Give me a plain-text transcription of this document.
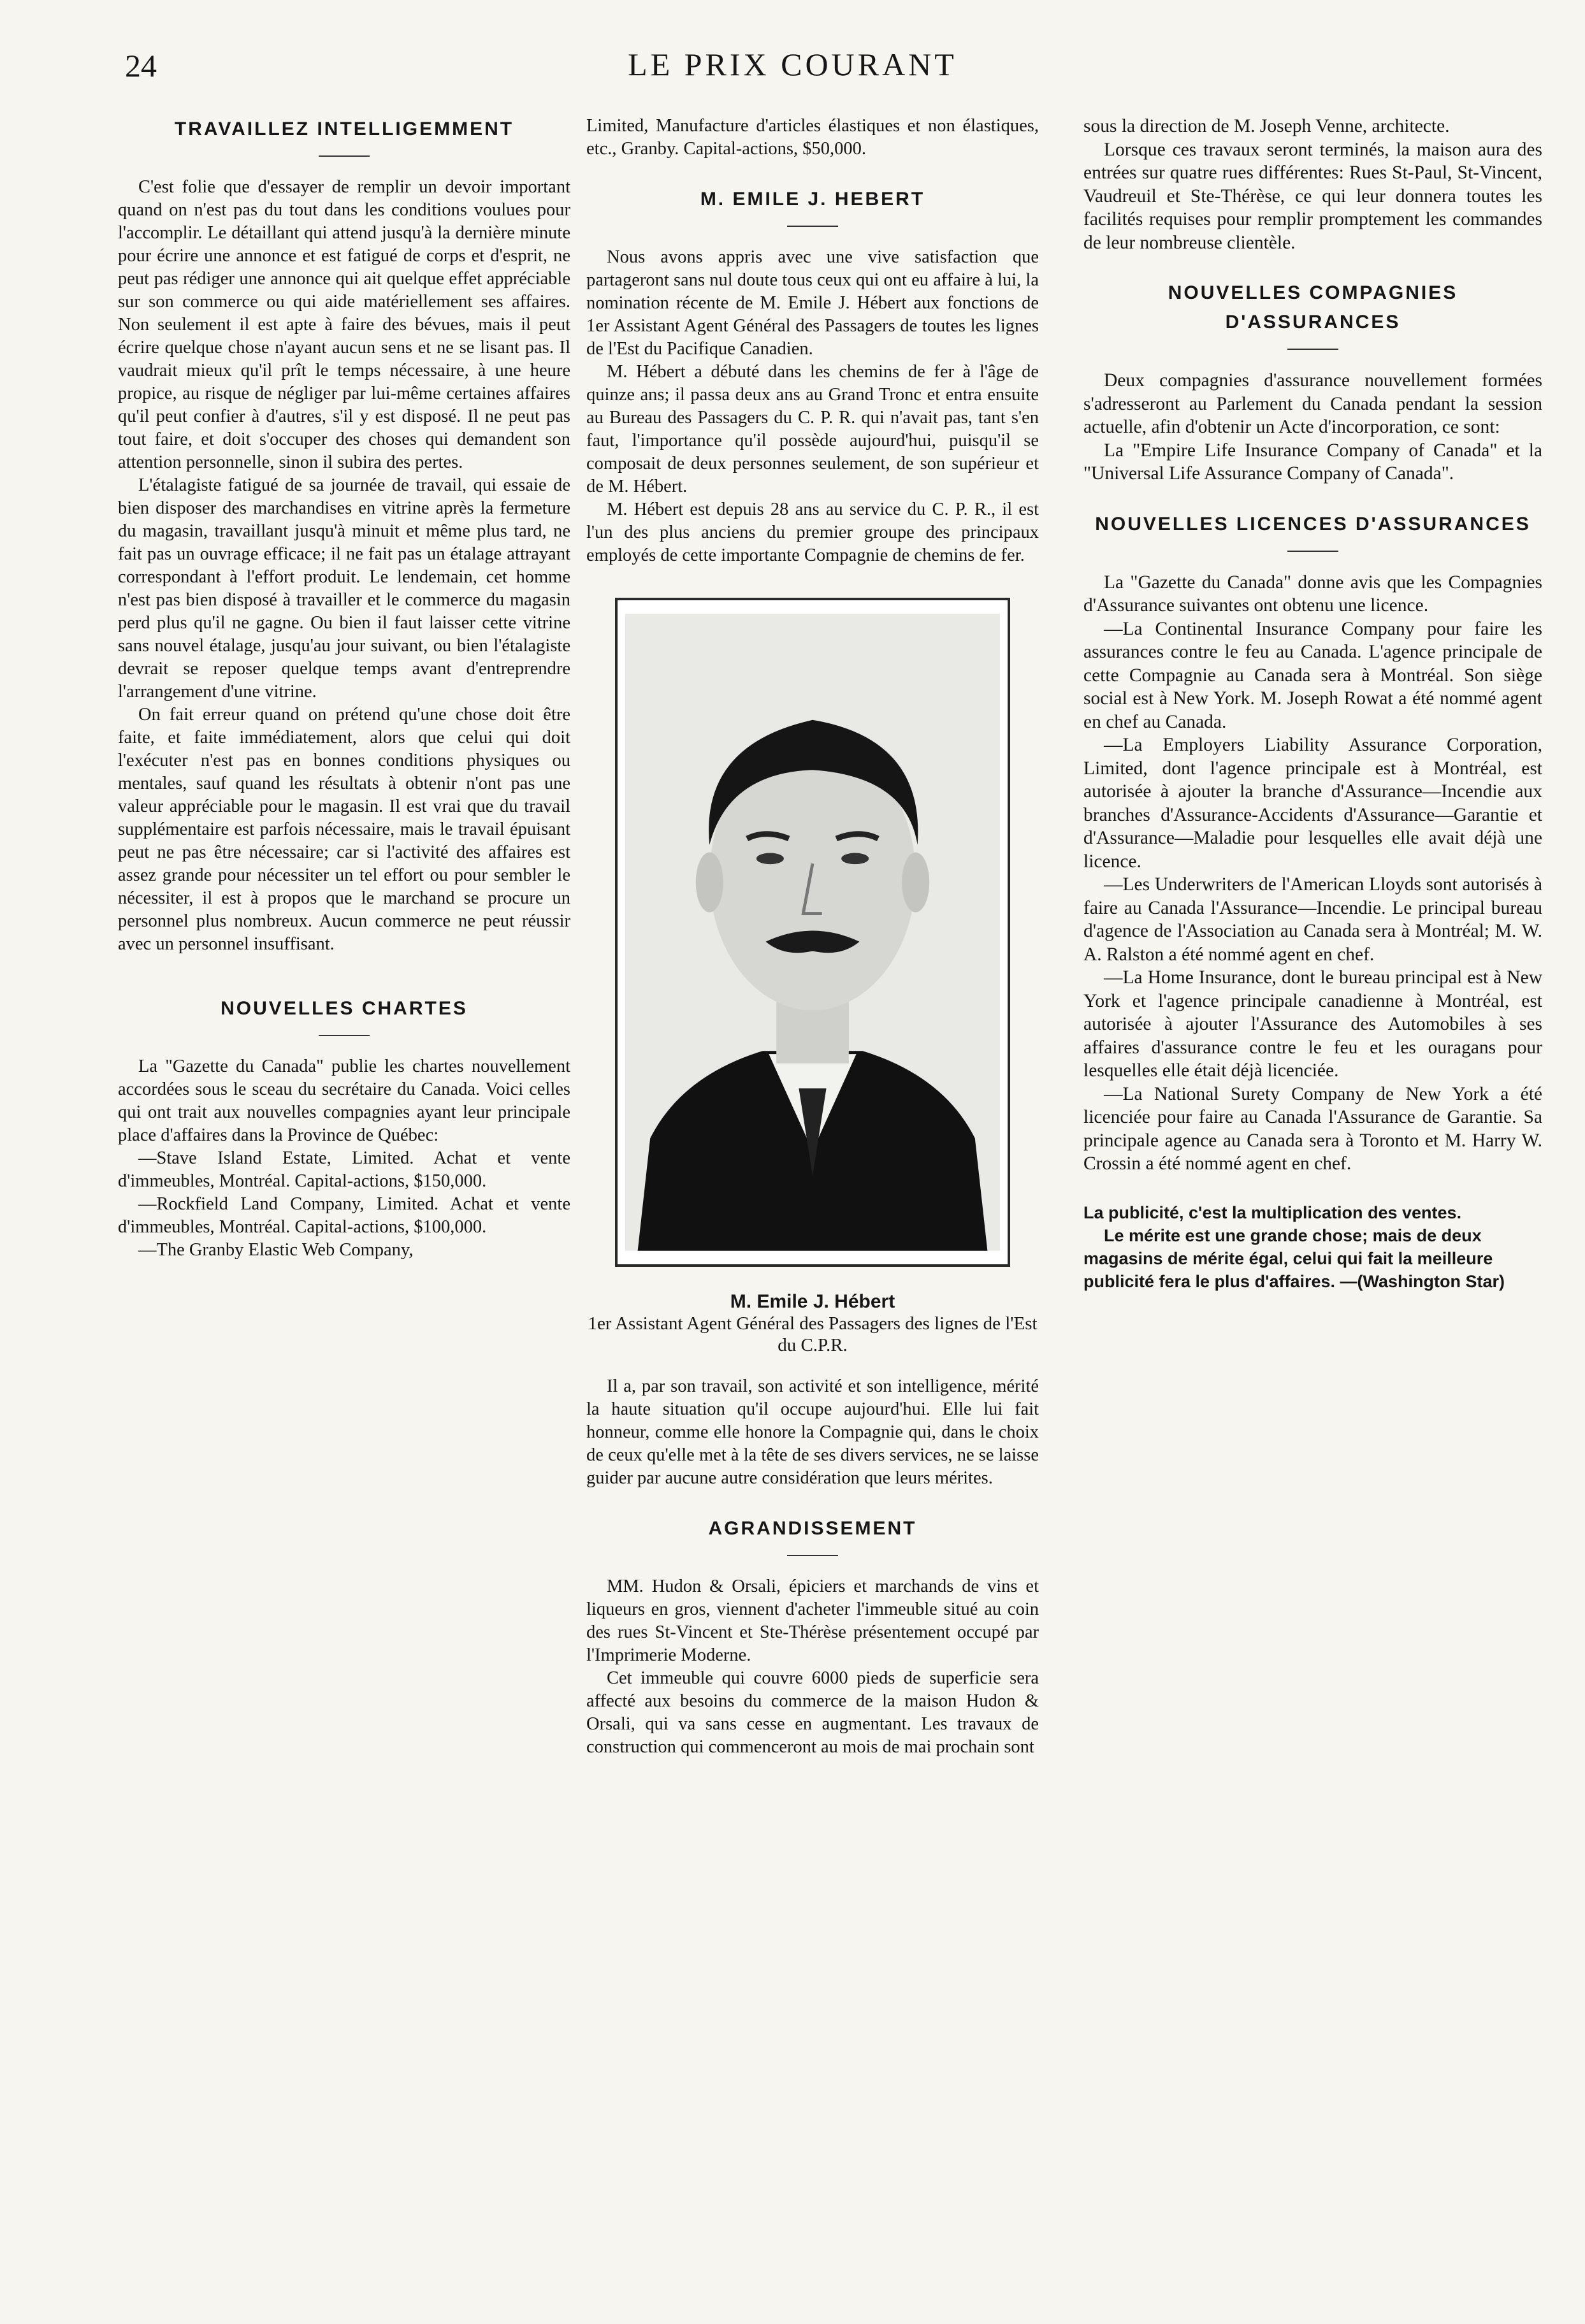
24	LE PRIX COURANT
TRAVAILLEZ INTELLIGEMMENT

C'est folie que d'essayer de remplir un devoir important quand on n'est pas du tout dans les conditions voulues pour l'accomplir. Le détaillant qui attend jusqu'à la dernière minute pour écrire une annonce et est fatigué de corps et d'esprit, ne peut pas rédiger une annonce qui ait quelque effet appréciable sur son commerce ou qui aide matériellement ses affaires. Non seulement il est apte à faire des bévues, mais il peut écrire quelque chose n'ayant aucun sens et ne se lisant pas. Il vaudrait mieux qu'il prît le temps nécessaire, à une heure propice, au risque de négliger par lui-même certaines affaires qu'il peut confier à d'autres, s'il y est disposé. Il ne peut pas tout faire, et doit s'occuper des choses qui demandent son attention personnelle, sinon il subira des pertes.

L'étalagiste fatigué de sa journée de travail, qui essaie de bien disposer des marchandises en vitrine après la fermeture du magasin, travaillant jusqu'à minuit et même plus tard, ne fait pas un ouvrage efficace; il ne fait pas un étalage attrayant correspondant à l'effort produit. Le lendemain, cet homme n'est pas bien disposé à travailler et le commerce du magasin perd plus qu'il ne gagne. Ou bien il faut laisser cette vitrine sans nouvel étalage, jusqu'au jour suivant, ou bien l'étalagiste devrait se reposer quelque temps avant d'entreprendre l'arrangement d'une vitrine.

On fait erreur quand on prétend qu'une chose doit être faite, et faite immédiatement, alors que celui qui doit l'exécuter n'est pas en bonnes conditions physiques ou mentales, sauf quand les résultats à obtenir n'ont pas une valeur appréciable pour le magasin. Il est vrai que du travail supplémentaire est parfois nécessaire, mais le travail épuisant peut ne pas être nécessaire; car si l'activité des affaires est assez grande pour nécessiter un tel effort ou pour sembler le nécessiter, il est à propos que le marchand se procure un personnel plus nombreux. Aucun commerce ne peut réussir avec un personnel insuffisant.

NOUVELLES CHARTES

La "Gazette du Canada" publie les chartes nouvellement accordées sous le sceau du secrétaire du Canada. Voici celles qui ont trait aux nouvelles compagnies ayant leur principale place d'affaires dans la Province de Québec:

—Stave Island Estate, Limited. Achat et vente d'immeubles, Montréal. Capital-actions, $150,000.

—Rockfield Land Company, Limited. Achat et vente d'immeubles, Montréal. Capital-actions, $100,000.

—The Granby Elastic Web Company,

Limited, Manufacture d'articles élastiques et non élastiques, etc., Granby. Capital-actions, $50,000.

M. EMILE J. HEBERT

Nous avons appris avec une vive satisfaction que partageront sans nul doute tous ceux qui ont eu affaire à lui, la nomination récente de M. Emile J. Hébert aux fonctions de 1er Assistant Agent Général des Passagers de toutes les lignes de l'Est du Pacifique Canadien.

M. Hébert a débuté dans les chemins de fer à l'âge de quinze ans; il passa deux ans au Grand Tronc et entra ensuite au Bureau des Passagers du C. P. R. qui n'avait pas, tant s'en faut, l'importance qu'il possède aujourd'hui, puisqu'il se composait de deux personnes seulement, de son supérieur et de M. Hébert.

M. Hébert est depuis 28 ans au service du C. P. R., il est l'un des plus anciens du premier groupe des principaux employés de cette importante Compagnie de chemins de fer.

M. Emile J. Hébert
1er Assistant Agent Général des Passagers des lignes de l'Est du C.P.R.

Il a, par son travail, son activité et son intelligence, mérité la haute situation qu'il occupe aujourd'hui. Elle lui fait honneur, comme elle honore la Compagnie qui, dans le choix de ceux qu'elle met à la tête de ses divers services, ne se laisse guider par aucune autre considération que leurs mérites.

AGRANDISSEMENT

MM. Hudon & Orsali, épiciers et marchands de vins et liqueurs en gros, viennent d'acheter l'immeuble situé au coin des rues St-Vincent et Ste-Thérèse présentement occupé par l'Imprimerie Moderne.

Cet immeuble qui couvre 6000 pieds de superficie sera affecté aux besoins du commerce de la maison Hudon & Orsali, qui va sans cesse en augmentant. Les travaux de construction qui commenceront au mois de mai prochain sont

sous la direction de M. Joseph Venne, architecte.

Lorsque ces travaux seront terminés, la maison aura des entrées sur quatre rues différentes: Rues St-Paul, St-Vincent, Vaudreuil et Ste-Thérèse, ce qui leur donnera toutes les facilités requises pour remplir promptement les commandes de leur nombreuse clientèle.

NOUVELLES COMPAGNIES D'ASSURANCES

Deux compagnies d'assurance nouvellement formées s'adresseront au Parlement du Canada pendant la session actuelle, afin d'obtenir un Acte d'incorporation, ce sont:

La "Empire Life Insurance Company of Canada" et la "Universal Life Assurance Company of Canada".

NOUVELLES LICENCES D'ASSURANCES

La "Gazette du Canada" donne avis que les Compagnies d'Assurance suivantes ont obtenu une licence.

—La Continental Insurance Company pour faire les assurances contre le feu au Canada. L'agence principale de cette Compagnie au Canada sera à Montréal. Son siège social est à New York. M. Joseph Rowat a été nommé agent en chef au Canada.

—La Employers Liability Assurance Corporation, Limited, dont l'agence principale est à Montréal, est autorisée à ajouter la branche d'Assurance—Incendie aux branches d'Assurance-Accidents d'Assurance—Garantie et d'Assurance—Maladie pour lesquelles elle avait déjà une licence.

—Les Underwriters de l'American Lloyds sont autorisés à faire au Canada l'Assurance—Incendie. Le principal bureau d'agence de l'Association au Canada sera à Montréal; M. W. A. Ralston a été nommé agent en chef.

—La Home Insurance, dont le bureau principal est à New York et l'agence principale canadienne à Montréal, est autorisée à ajouter l'Assurance des Automobiles à ses affaires d'assurance contre le feu et les ouragans pour lesquelles elle était déjà licenciée.

—La National Surety Company de New York a été licenciée pour faire au Canada l'Assurance de Garantie. Sa principale agence au Canada sera à Toronto et M. Harry W. Crossin a été nommé agent en chef.

La publicité, c'est la multiplication des ventes.

Le mérite est une grande chose; mais de deux magasins de mérite égal, celui qui fait la meilleure publicité fera le plus d'affaires. —(Washington Star)
